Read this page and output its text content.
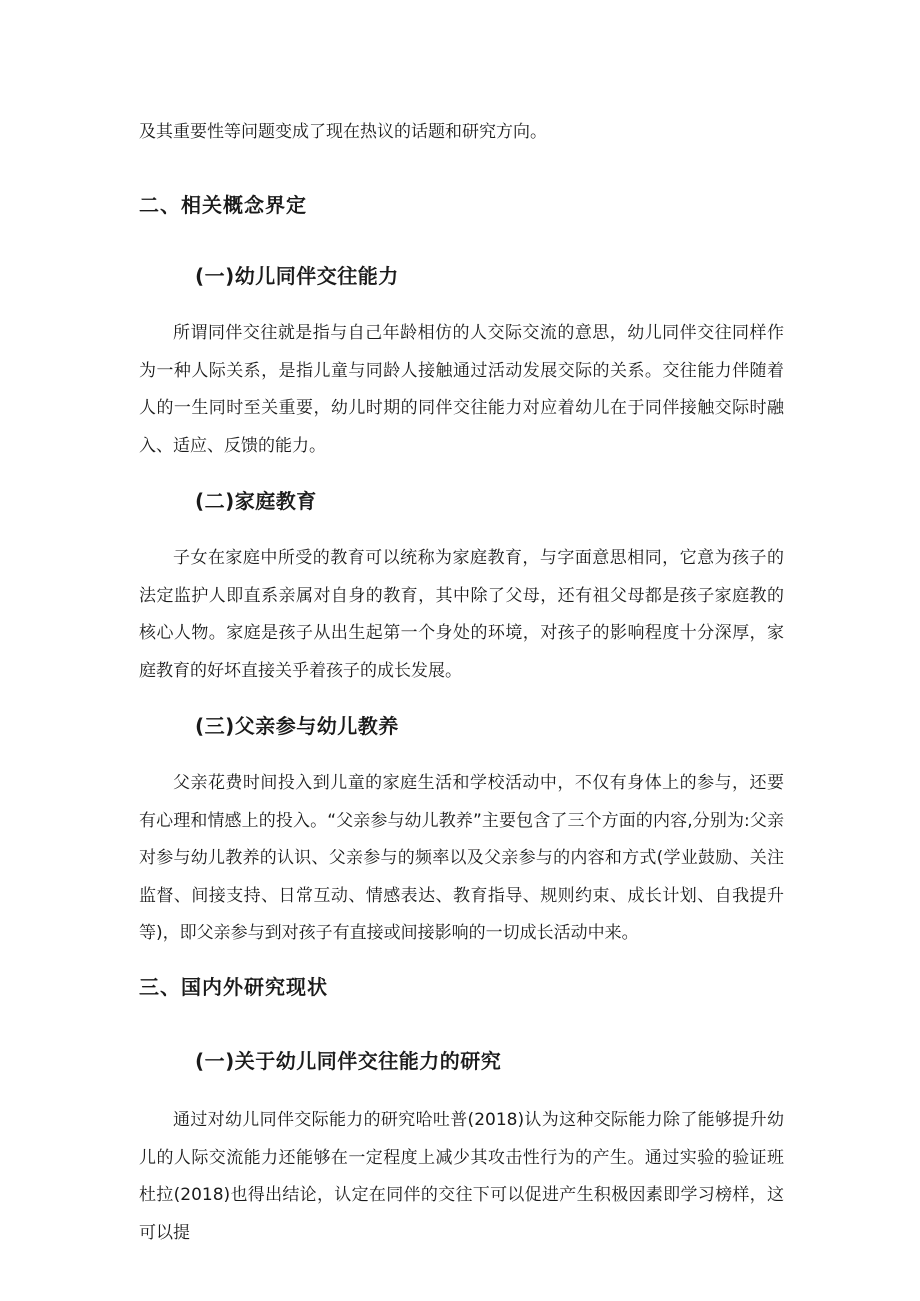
及其重要性等问题变成了现在热议的话题和研究方向。

二、相关概念界定
(一)幼儿同伴交往能力

所谓同伴交往就是指与自己年龄相仿的人交际交流的意思，幼儿同伴交往同样作为一种人际关系，是指儿童与同龄人接触通过活动发展交际的关系。交往能力伴随着人的一生同时至关重要，幼儿时期的同伴交往能力对应着幼儿在于同伴接触交际时融入、适应、反馈的能力。

(二)家庭教育

子女在家庭中所受的教育可以统称为家庭教育，与字面意思相同，它意为孩子的法定监护人即直系亲属对自身的教育，其中除了父母，还有祖父母都是孩子家庭教的核心人物。家庭是孩子从出生起第一个身处的环境，对孩子的影响程度十分深厚，家庭教育的好坏直接关乎着孩子的成长发展。

(三)父亲参与幼儿教养

父亲花费时间投入到儿童的家庭生活和学校活动中，不仅有身体上的参与，还要有心理和情感上的投入。“父亲参与幼儿教养”主要包含了三个方面的内容,分别为:父亲对参与幼儿教养的认识、父亲参与的频率以及父亲参与的内容和方式(学业鼓励、关注监督、间接支持、日常互动、情感表达、教育指导、规则约束、成长计划、自我提升等)，即父亲参与到对孩子有直接或间接影响的一切成长活动中来。

三、国内外研究现状
(一)关于幼儿同伴交往能力的研究

通过对幼儿同伴交际能力的研究哈吐普(2018)认为这种交际能力除了能够提升幼儿的人际交流能力还能够在一定程度上减少其攻击性行为的产生。通过实验的验证班杜拉(2018)也得出结论，认定在同伴的交往下可以促进产生积极因素即学习榜样，这可以提
